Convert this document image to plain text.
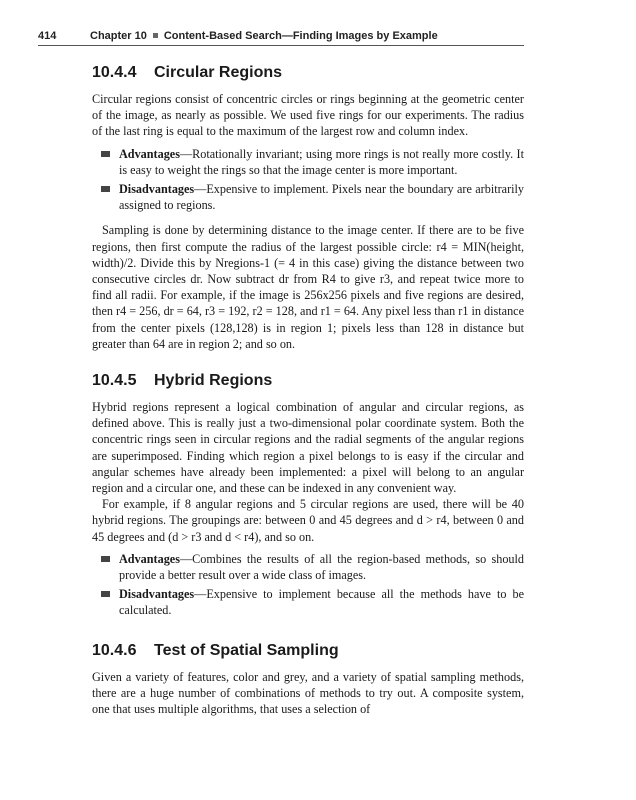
414	Chapter 10 Content-Based Search—Finding Images by Example
10.4.4 Circular Regions

Circular regions consist of concentric circles or rings beginning at the geometric center of the image, as nearly as possible. We used five rings for our experiments. The radius of the last ring is equal to the maximum of the largest row and column index.

Advantages—Rotationally invariant; using more rings is not really more costly. It is easy to weight the rings so that the image center is more important.
Disadvantages—Expensive to implement. Pixels near the boundary are arbitrarily assigned to regions.

Sampling is done by determining distance to the image center. If there are to be five regions, then first compute the radius of the largest possible circle: r4 = MIN(height, width)/2. Divide this by Nregions-1 (= 4 in this case) giving the distance between two consecutive circles dr. Now subtract dr from R4 to give r3, and repeat twice more to find all radii. For example, if the image is 256x256 pixels and five regions are desired, then r4 = 256, dr = 64, r3 = 192, r2 = 128, and r1 = 64. Any pixel less than r1 in distance from the center pixels (128,128) is in region 1; pixels less than 128 in distance but greater than 64 are in region 2; and so on.

10.4.5 Hybrid Regions

Hybrid regions represent a logical combination of angular and circular regions, as defined above. This is really just a two-dimensional polar coordinate system. Both the concentric rings seen in circular regions and the radial segments of the angular regions are superimposed. Finding which region a pixel belongs to is easy if the circular and angular schemes have already been implemented: a pixel will belong to an angular region and a circular one, and these can be indexed in any convenient way.

For example, if 8 angular regions and 5 circular regions are used, there will be 40 hybrid regions. The groupings are: between 0 and 45 degrees and d > r4, between 0 and 45 degrees and (d > r3 and d < r4), and so on.

Advantages—Combines the results of all the region-based methods, so should provide a better result over a wide class of images.
Disadvantages—Expensive to implement because all the methods have to be calculated.
10.4.6 Test of Spatial Sampling

Given a variety of features, color and grey, and a variety of spatial sampling methods, there are a huge number of combinations of methods to try out. A composite system, one that uses multiple algorithms, that uses a selection of
